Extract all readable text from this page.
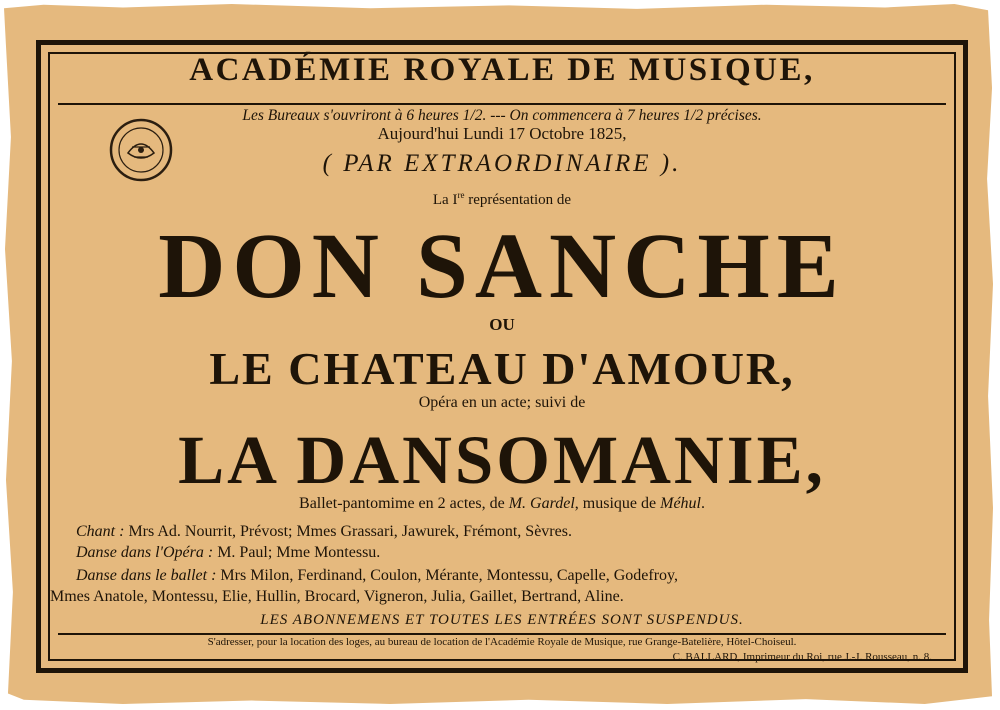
ACADÉMIE ROYALE DE MUSIQUE,
Les Bureaux s'ouvriront à 6 heures 1/2. --- On commencera à 7 heures 1/2 précises.
Aujourd'hui Lundi 17 Octobre 1825,
( PAR EXTRAORDINAIRE ).
La Ire représentation de
DON SANCHE
OU
LE CHATEAU D'AMOUR,
Opéra en un acte; suivi de
LA DANSOMANIE,
Ballet-pantomime en 2 actes, de M. Gardel, musique de Méhul.
Chant : Mrs Ad. Nourrit, Prévost; Mmes Grassari, Jawurek, Frémont, Sèvres.
Danse dans l'Opéra : M. Paul; Mme Montessu.
Danse dans le ballet : Mrs Milon, Ferdinand, Coulon, Mérante, Montessu, Capelle, Godefroy,
Mmes Anatole, Montessu, Elie, Hullin, Brocard, Vigneron, Julia, Gaillet, Bertrand, Aline.
LES ABONNEMENS ET TOUTES LES ENTRÉES SONT SUSPENDUS.
S'adresser, pour la location des loges, au bureau de location de l'Académie Royale de Musique, rue Grange-Batelière, Hôtel-Choiseul.
C. BALLARD, Imprimeur du Roi, rue J.-J. Rousseau, n. 8.
